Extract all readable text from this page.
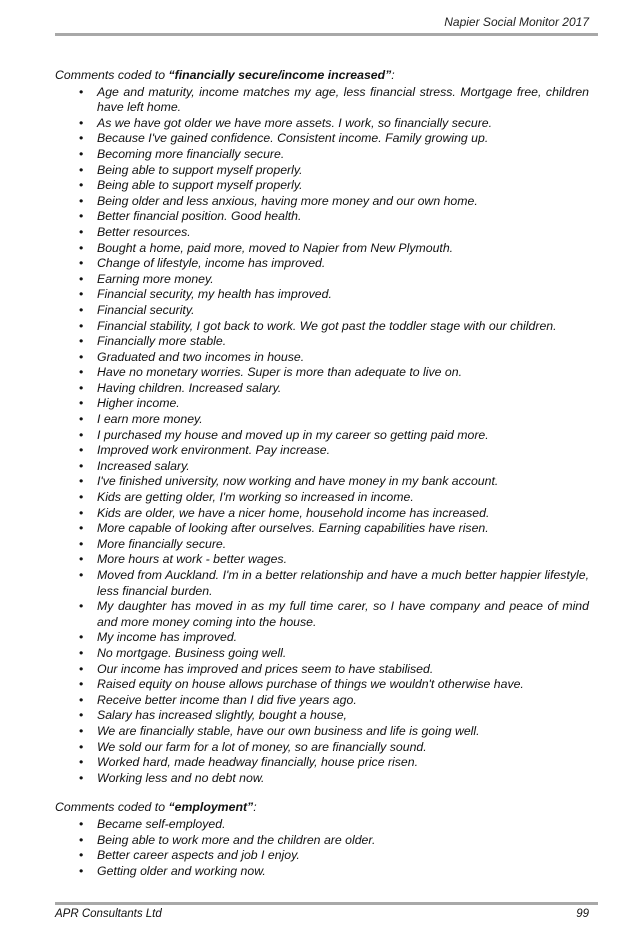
Napier Social Monitor 2017

Comments coded to “financially secure/income increased”:

• Age and maturity, income matches my age, less financial stress. Mortgage free, children have left home.
• As we have got older we have more assets. I work, so financially secure.
• Because I've gained confidence. Consistent income. Family growing up.
• Becoming more financially secure.
• Being able to support myself properly.
• Being able to support myself properly.
• Being older and less anxious, having more money and our own home.
• Better financial position. Good health.
• Better resources.
• Bought a home, paid more, moved to Napier from New Plymouth.
• Change of lifestyle, income has improved.
• Earning more money.
• Financial security, my health has improved.
• Financial security.
• Financial stability, I got back to work. We got past the toddler stage with our children.
• Financially more stable.
• Graduated and two incomes in house.
• Have no monetary worries. Super is more than adequate to live on.
• Having children. Increased salary.
• Higher income.
• I earn more money.
• I purchased my house and moved up in my career so getting paid more.
• Improved work environment. Pay increase.
• Increased salary.
• I've finished university, now working and have money in my bank account.
• Kids are getting older, I'm working so increased in income.
• Kids are older, we have a nicer home, household income has increased.
• More capable of looking after ourselves. Earning capabilities have risen.
• More financially secure.
• More hours at work - better wages.
• Moved from Auckland. I'm in a better relationship and have a much better happier lifestyle, less financial burden.
• My daughter has moved in as my full time carer, so I have company and peace of mind and more money coming into the house.
• My income has improved.
• No mortgage. Business going well.
• Our income has improved and prices seem to have stabilised.
• Raised equity on house allows purchase of things we wouldn't otherwise have.
• Receive better income than I did five years ago.
• Salary has increased slightly, bought a house,
• We are financially stable, have our own business and life is going well.
• We sold our farm for a lot of money, so are financially sound.
• Worked hard, made headway financially, house price risen.
• Working less and no debt now.

Comments coded to “employment”:

• Became self-employed.
• Being able to work more and the children are older.
• Better career aspects and job I enjoy.
• Getting older and working now.
APR Consultants Ltd	99
